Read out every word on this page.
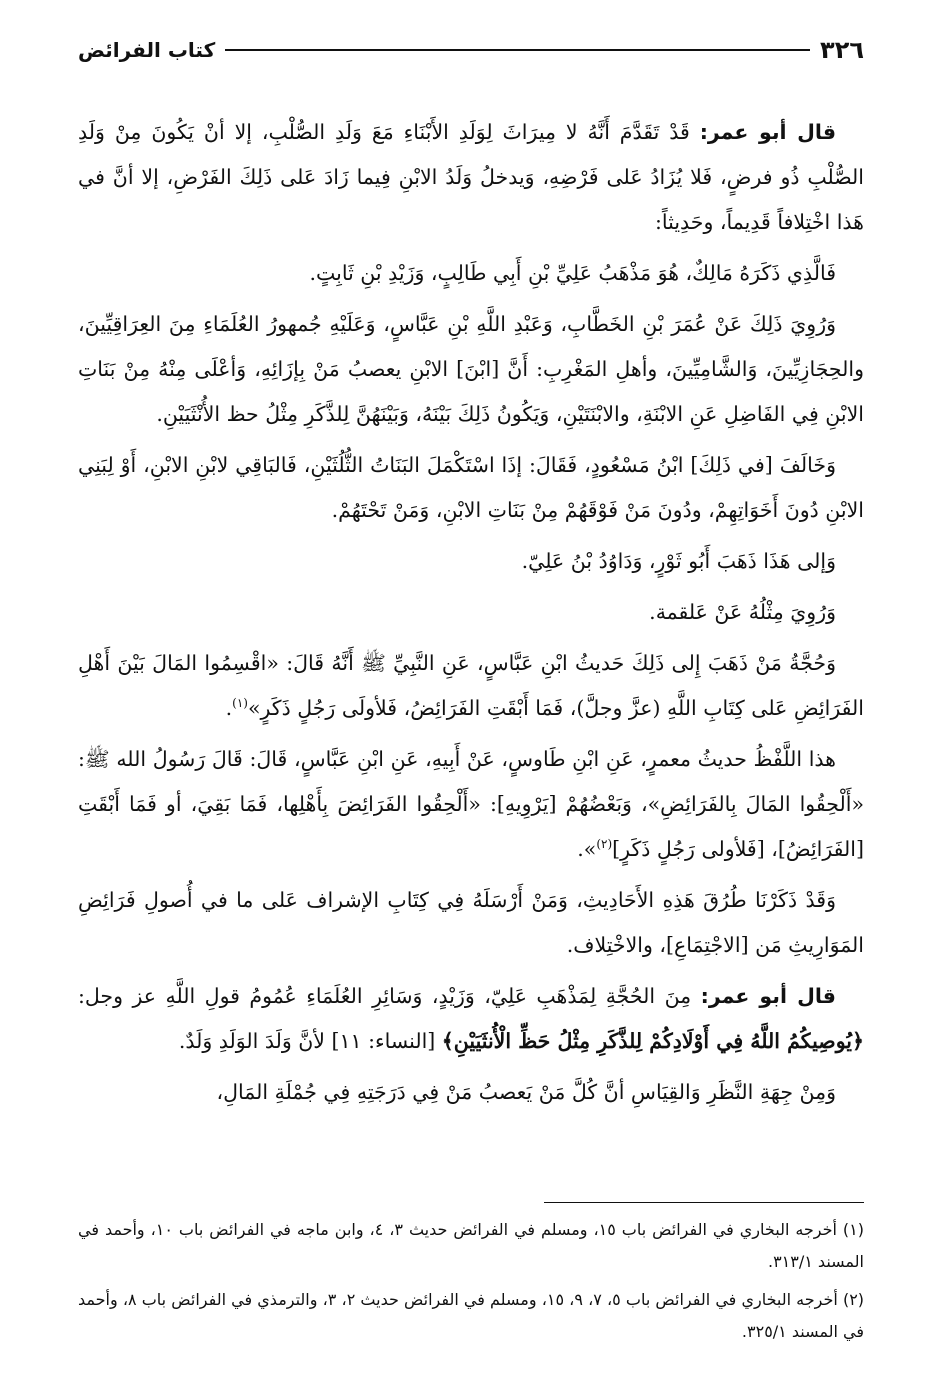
٣٢٦
كتاب الفرائض

قال أبو عمر: قَدْ تَقَدَّمَ أَنَّهُ لا مِيرَاثَ لِوَلَدِ الأَبْنَاءِ مَعَ وَلَدِ الصُّلْبِ، إلا أنْ يَكُونَ مِنْ وَلَدِ الصُّلْبِ ذُو فرضٍ، فَلا يُزَادُ عَلى فَرْضِهِ، وَيدخلُ وَلَدُ الابْنِ فِيما زَادَ عَلى ذَلِكَ الفَرْضِ، إلا أنَّ في هَذا اخْتِلافاً قَدِيماً، وحَدِيثاً:

فَالَّذِي ذَكَرَهُ مَالِكٌ، هُوَ مَذْهَبُ عَلِيِّ بْنِ أَبِي طَالِبٍ، وَزَيْدِ بْنِ ثَابِتٍ.

وَرُوِيَ ذَلِكَ عَنْ عُمَرَ بْنِ الخَطَّابِ، وَعَبْدِ اللَّهِ بْنِ عَبَّاسٍ، وَعَلَيْهِ جُمهورُ العُلَمَاءِ مِنَ العِرَاقِيِّينَ، والحِجَازِيِّينَ، وَالشَّامِيِّينَ، وأهلِ المَغْرِبِ: أَنَّ [ابْنَ] الابْنِ يعصبُ مَنْ بِإزَائِهِ، وَأعْلَى مِنْهُ مِنْ بَنَاتِ الابْنِ فِي الفَاضِلِ عَنِ الابْنَةِ، والابْنَتَيْنِ، وَيَكُونُ ذَلِكَ بَيْنَهُ، وَبَيْنَهُنَّ لِلذَّكَرِ مِثْلُ حظ الأُنْثَيَيْنِ.

وَخَالَفَ [في ذَلِكَ] ابْنُ مَسْعُودٍ، فَقَالَ: إذَا اسْتَكْمَلَ البَنَاتُ الثُّلُثَيْنِ، فَالبَاقِي لابْنِ الابْنِ، أَوْ لِبَنِي الابْنِ دُونَ أَخَوَاتِهِمْ، ودُونَ مَنْ فَوْقَهُمْ مِنْ بَنَاتِ الابْنِ، وَمَنْ تَحْتَهُمْ.

وَإلى هَذَا ذَهَبَ أَبُو ثَوْرٍ، وَدَاوُدُ بْنُ عَلِيّ.

وَرُوِيَ مِثْلُهُ عَنْ عَلقمة.

وَحُجَّةُ مَنْ ذَهَبَ إِلى ذَلِكَ حَديثُ ابْنِ عَبَّاسٍ، عَنِ النَّبِيِّ ﷺ أَنَّهُ قَالَ: «اقْسِمُوا المَالَ بَيْنَ أَهْلِ الفَرَائِضِ عَلى كِتَابِ اللَّهِ (عزَّ وجلَّ)، فَمَا أَبْقَتِ الفَرَائِضُ، فَلأولَى رَجُلٍ ذَكَرٍ»$^{(١)}$.

هذا اللَّفْظُ حديثُ معمرٍ، عَنِ ابْنِ طَاوسٍ، عَنْ أَبِيهِ، عَنِ ابْنِ عَبَّاسٍ، قَالَ: قَالَ رَسُولُ الله ﷺ: «أَلْحِقُوا المَالَ بِالفَرَائِضِ»، وَبَعْضُهُمْ [يَرْوِيهِ]: «أَلْحِقُوا الفَرَائِضَ بِأَهْلِها، فَمَا بَقِيَ، أو فَمَا أَبْقَتِ [الفَرَائِضُ]، [فَلأولى رَجُلٍ ذَكَرٍ]$^{(٢)}$».

وَقَدْ ذَكَرْنَا طُرُقَ هَذِهِ الأَحَادِيثِ، وَمَنْ أَرْسَلَهُ فِي كِتَابِ الإشراف عَلى ما في أُصولِ فَرَائِضِ المَوَارِيثِ مَن [الاجْتِمَاعِ]، والاخْتِلاف.

قال أبو عمر: مِنَ الحُجَّةِ لِمَذْهَبِ عَلِيّ، وَزَيْدٍ، وَسَائِرِ العُلَمَاءِ عُمُومُ قولِ اللَّهِ عز وجل: ﴿يُوصِيكُمُ اللَّهُ فِي أَوْلَادِكُمْ لِلذَّكَرِ مِثْلُ حَظِّ الْأُنثَيَيْنِ﴾ [النساء: ١١] لأنَّ وَلَدَ الوَلَدِ وَلَدٌ.

وَمِنْ جِهَةِ النَّظَرِ وَالقِيَاسِ أنَّ كُلَّ مَنْ يَعصبُ مَنْ فِي دَرَجَتِهِ فِي جُمْلَةِ المَالِ،

(١) أخرجه البخاري في الفرائض باب ١٥، ومسلم في الفرائض حديث ٣، ٤، وابن ماجه في الفرائض باب ١٠، وأحمد في المسند ٣١٣/١.

(٢) أخرجه البخاري في الفرائض باب ٥، ٧، ٩، ١٥، ومسلم في الفرائض حديث ٢، ٣، والترمذي في الفرائض باب ٨، وأحمد في المسند ٣٢٥/١.
